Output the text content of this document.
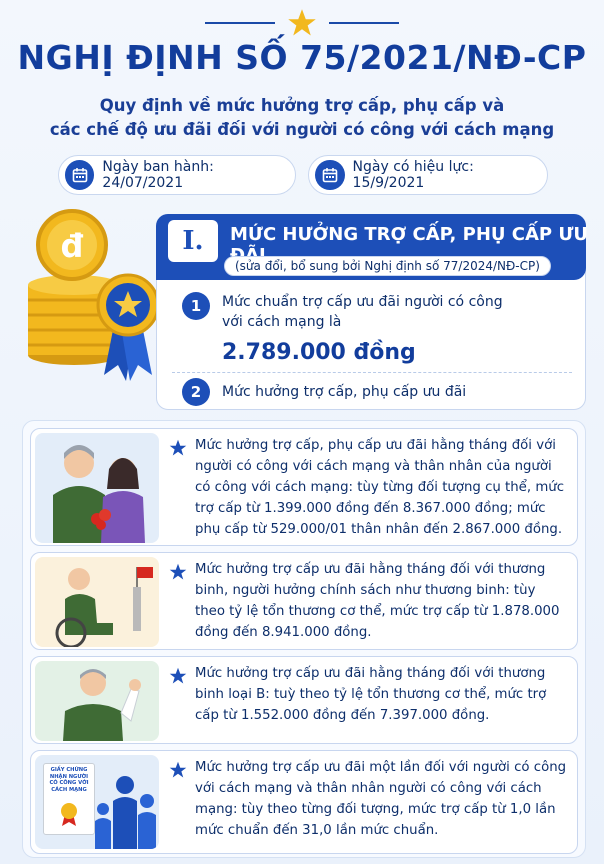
NGHỊ ĐỊNH SỐ 75/2021/NĐ-CP
Quy định về mức hưởng trợ cấp, phụ cấp và
các chế độ ưu đãi đối với người có công với cách mạng
Ngày ban hành: 24/07/2021
Ngày có hiệu lực: 15/9/2021
đ	I.	MỨC HƯỞNG TRỢ CẤP, PHỤ CẤP ƯU
(sửa đổi, bổ sung bởi Nghị định số 77/2024/NĐ-CP)
1	Mức chuẩn trợ cấp ưu đãi người có công
với cách mạng là
2.789.000 đồng
2	Mức hưởng trợ cấp, phụ cấp ưu đãi
Mức hưởng trợ cấp, phụ cấp ưu đãi hằng tháng đối với người có công với cách mạng và thân nhân của người có công với cách mạng: tùy từng đối tượng cụ thể, mức trợ cấp từ 1.399.000 đồng đến 8.367.000 đồng; mức phụ cấp từ 529.000/01 thân nhân đến 2.867.000 đồng.
Mức hưởng trợ cấp ưu đãi hằng tháng đối với thương binh, người hưởng chính sách như thương binh: tùy theo tỷ lệ tổn thương cơ thể, mức trợ cấp từ 1.878.000 đồng đến 8.941.000 đồng.
Mức hưởng trợ cấp ưu đãi hằng tháng đối với thương binh loại B: tuỳ theo tỷ lệ tổn thương cơ thể, mức trợ cấp từ 1.552.000 đồng đến 7.397.000 đồng.
GIẤY CHỨNG NHẬN NGƯỜI CÓ CÔNG VỚI CÁCH MẠNG
Mức hưởng trợ cấp ưu đãi một lần đối với người có công với cách mạng và thân nhân người có công với cách mạng: tùy theo từng đối tượng, mức trợ cấp từ 1,0 lần mức chuẩn đến 31,0 lần mức chuẩn.
